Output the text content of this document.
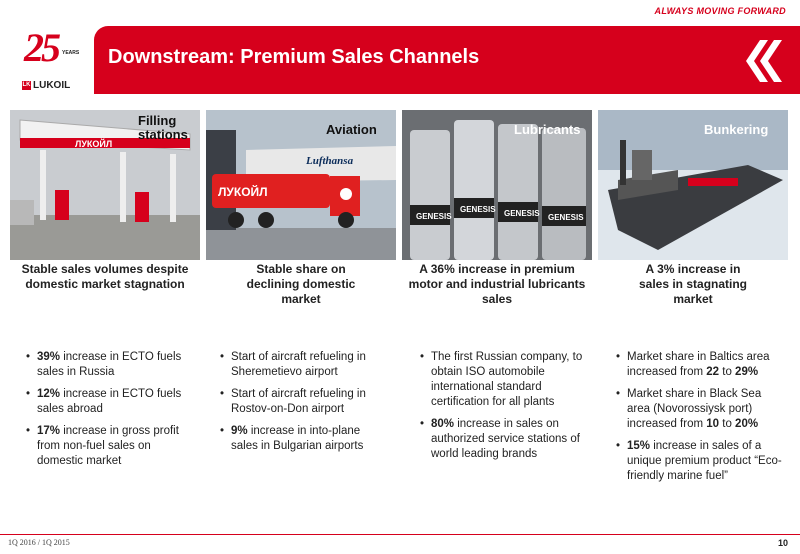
ALWAYS MOVING FORWARD
25 YEARS
LK LUKOIL
Downstream: Premium Sales Channels
ЛУКОЙЛ
Filling stations
Lufthansa
ЛУКОЙЛ
Aviation
GENESIS
GENESIS GENESIS GENESIS
Lubricants	Bunkering
Stable sales volumes despite domestic market stagnation
Stable share on declining domestic market
A 36% increase in premium motor and industrial lubricants sales
A 3% increase in sales in stagnating market
• 39% increase in ECTO fuels sales in Russia
• 12% increase in ECTO fuels sales abroad
• 17% increase in gross profit from non-fuel sales on domestic market
• Start of aircraft refueling in Sheremetievo airport
• Start of aircraft refueling in Rostov-on-Don airport
• 9% increase in into-plane sales in Bulgarian airports
• The first Russian company, to obtain ISO automobile international standard certification for all plants
• 80% increase in sales on authorized service stations of world leading brands
• Market share in Baltics area increased from 22 to 29%
• Market share in Black Sea area (Novorossiysk port) increased from 10 to 20%
• 15% increase in sales of a unique premium product “Eco-friendly marine fuel”
1Q 2016 / 1Q 2015	10
